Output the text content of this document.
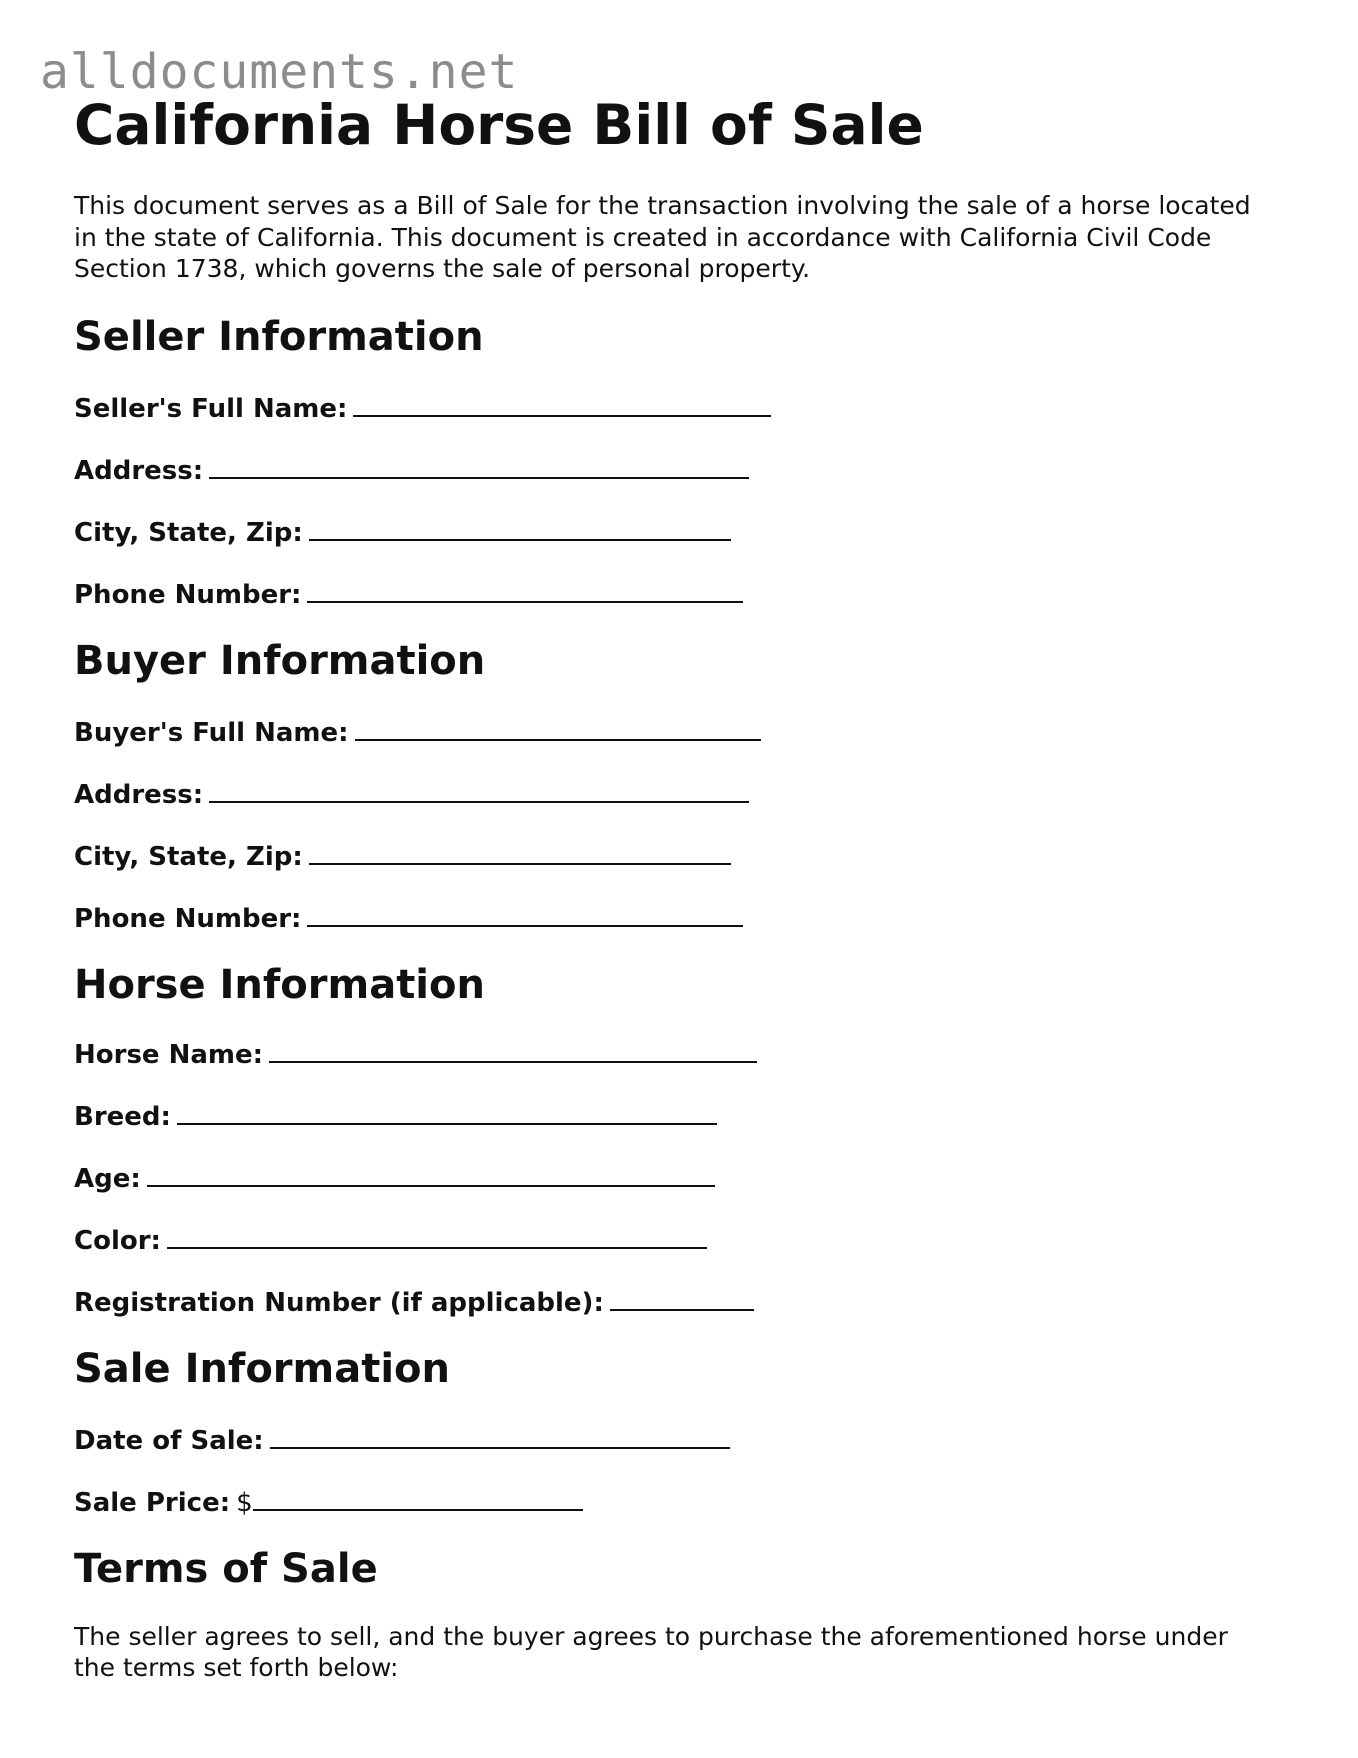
alldocuments.net
California Horse Bill of Sale

This document serves as a Bill of Sale for the transaction involving the sale of a horse located in the state of California. This document is created in accordance with California Civil Code Section 1738, which governs the sale of personal property.

Seller Information

Seller's Full Name:

Address:

City, State, Zip:

Phone Number:

Buyer Information

Buyer's Full Name:

Address:

City, State, Zip:

Phone Number:

Horse Information

Horse Name:

Breed:

Age:

Color:

Registration Number (if applicable):

Sale Information

Date of Sale:

Sale Price: $

Terms of Sale

The seller agrees to sell, and the buyer agrees to purchase the aforementioned horse under the terms set forth below:
